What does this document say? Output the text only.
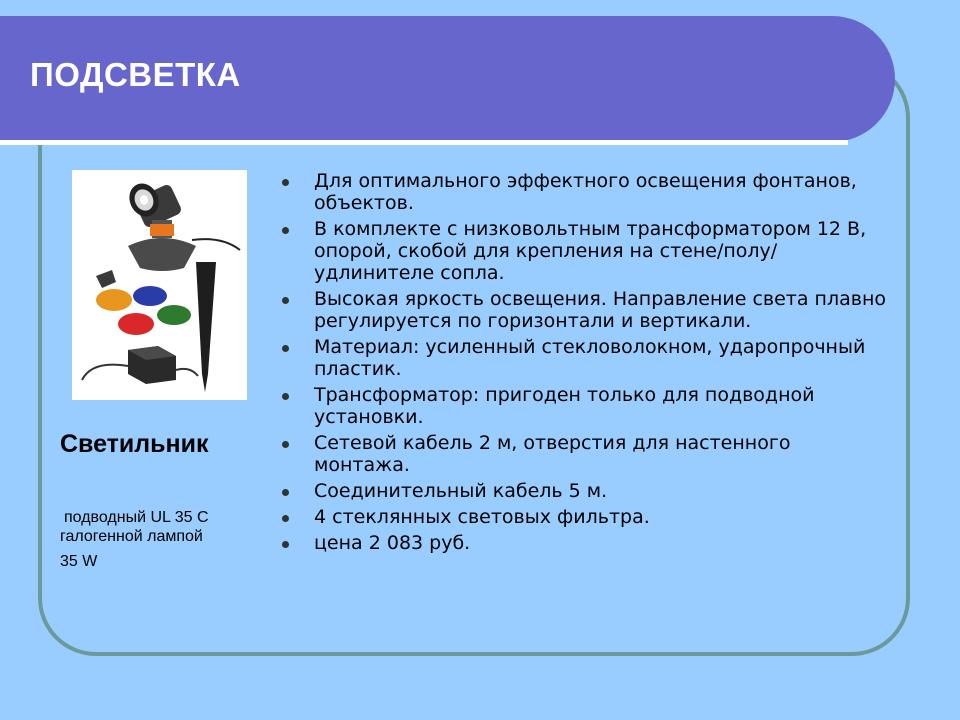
ПОДСВЕТКА
Светильник
подводный UL 35 C
галогенной лампой
35 W
Для оптимального эффектного освещения фонтанов, объектов.
В комплекте с низковольтным трансформатором 12 В, опорой, скобой для крепления на стене/полу/удлинителе сопла.
Высокая яркость освещения. Направление света плавно регулируется по горизонтали и вертикали.
Материал: усиленный стекловолокном, ударопрочный пластик.
Трансформатор: пригоден только для подводной установки.
Сетевой кабель 2 м, отверстия для настенного монтажа.
Соединительный кабель 5 м.
4 стеклянных световых фильтра.
цена 2 083 руб.
